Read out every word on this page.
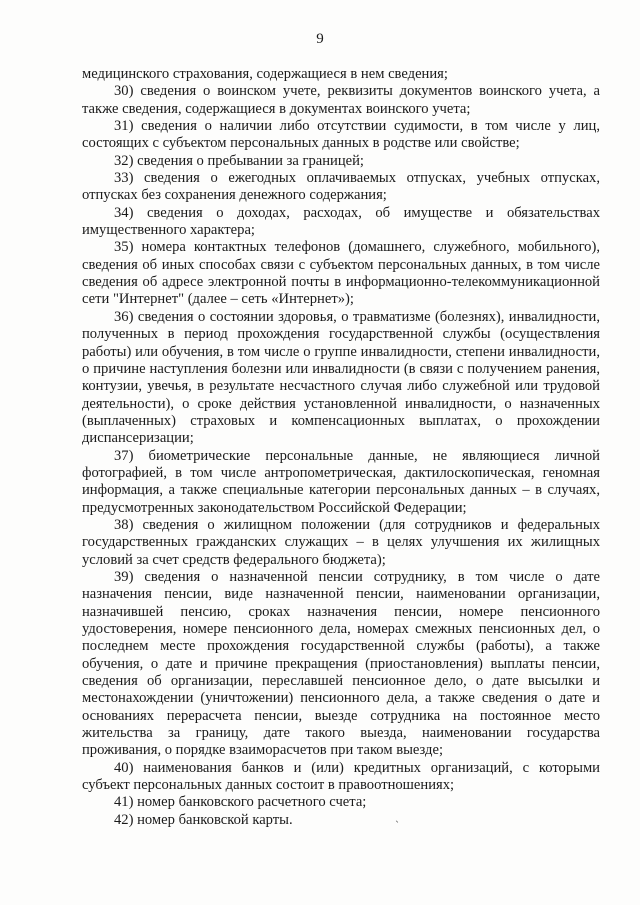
9

медицинского страхования, содержащиеся в нем сведения;

30) сведения о воинском учете, реквизиты документов воинского учета, а также сведения, содержащиеся в документах воинского учета;

31) сведения о наличии либо отсутствии судимости, в том числе у лиц, состоящих с субъектом персональных данных в родстве или свойстве;

32) сведения о пребывании за границей;

33) сведения о ежегодных оплачиваемых отпусках, учебных отпусках, отпусках без сохранения денежного содержания;

34) сведения о доходах, расходах, об имуществе и обязательствах имущественного характера;

35) номера контактных телефонов (домашнего, служебного, мобильного), сведения об иных способах связи с субъектом персональных данных, в том числе сведения об адресе электронной почты в информационно-телекоммуникационной сети "Интернет" (далее – сеть «Интернет»);

36) сведения о состоянии здоровья, о травматизме (болезнях), инвалидности, полученных в период прохождения государственной службы (осуществления работы) или обучения, в том числе о группе инвалидности, степени инвалидности, о причине наступления болезни или инвалидности (в связи с получением ранения, контузии, увечья, в результате несчастного случая либо служебной или трудовой деятельности), о сроке действия установленной инвалидности, о назначенных (выплаченных) страховых и компенсационных выплатах, о прохождении диспансеризации;

37) биометрические персональные данные, не являющиеся личной фотографией, в том числе антропометрическая, дактилоскопическая, геномная информация, а также специальные категории персональных данных – в случаях, предусмотренных законодательством Российской Федерации;

38) сведения о жилищном положении (для сотрудников и федеральных государственных гражданских служащих – в целях улучшения их жилищных условий за счет средств федерального бюджета);

39) сведения о назначенной пенсии сотруднику, в том числе о дате назначения пенсии, виде назначенной пенсии, наименовании организации, назначившей пенсию, сроках назначения пенсии, номере пенсионного удостоверения, номере пенсионного дела, номерах смежных пенсионных дел, о последнем месте прохождения государственной службы (работы), а также обучения, о дате и причине прекращения (приостановления) выплаты пенсии, сведения об организации, переславшей пенсионное дело, о дате высылки и местонахождении (уничтожении) пенсионного дела, а также сведения о дате и основаниях перерасчета пенсии, выезде сотрудника на постоянное место жительства за границу, дате такого выезда, наименовании государства проживания, о порядке взаиморасчетов при таком выезде;

40) наименования банков и (или) кредитных организаций, с которыми субъект персональных данных состоит в правоотношениях;

41) номер банковского расчетного счета;

42) номер банковской карты.	ˎ
